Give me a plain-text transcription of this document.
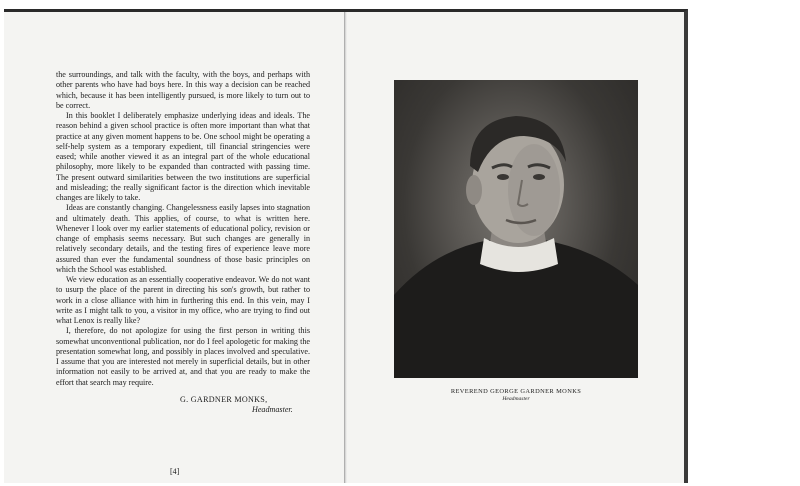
the surroundings, and talk with the faculty, with the boys, and perhaps with other parents who have had boys here. In this way a decision can be reached which, because it has been intelligently pursued, is more likely to turn out to be correct.

In this booklet I deliberately emphasize underlying ideas and ideals. The reason behind a given school practice is often more important than what that practice at any given moment happens to be. One school might be operating a self-help system as a temporary expedient, till financial stringencies were eased; while another viewed it as an integral part of the whole educational philosophy, more likely to be expanded than contracted with passing time. The present outward similarities between the two institutions are superficial and misleading; the really significant factor is the direction which inevitable changes are likely to take.

Ideas are constantly changing. Changelessness easily lapses into stagnation and ultimately death. This applies, of course, to what is written here. Whenever I look over my earlier statements of educational policy, revision or change of emphasis seems necessary. But such changes are generally in relatively secondary details, and the testing fires of experience leave more assured than ever the fundamental soundness of those basic principles on which the School was established.

We view education as an essentially cooperative endeavor. We do not want to usurp the place of the parent in directing his son's growth, but rather to work in a close alliance with him in furthering this end. In this vein, may I write as I might talk to you, a visitor in my office, who are trying to find out what Lenox is really like?

I, therefore, do not apologize for using the first person in writing this somewhat unconventional publication, nor do I feel apologetic for making the presentation somewhat long, and possibly in places involved and speculative. I assume that you are interested not merely in superficial details, but in other information not easily to be arrived at, and that you are ready to make the effort that search may require.

G. GARDNER MONKS,
Headmaster.
[4]
REVEREND GEORGE GARDNER MONKS
Headmaster
